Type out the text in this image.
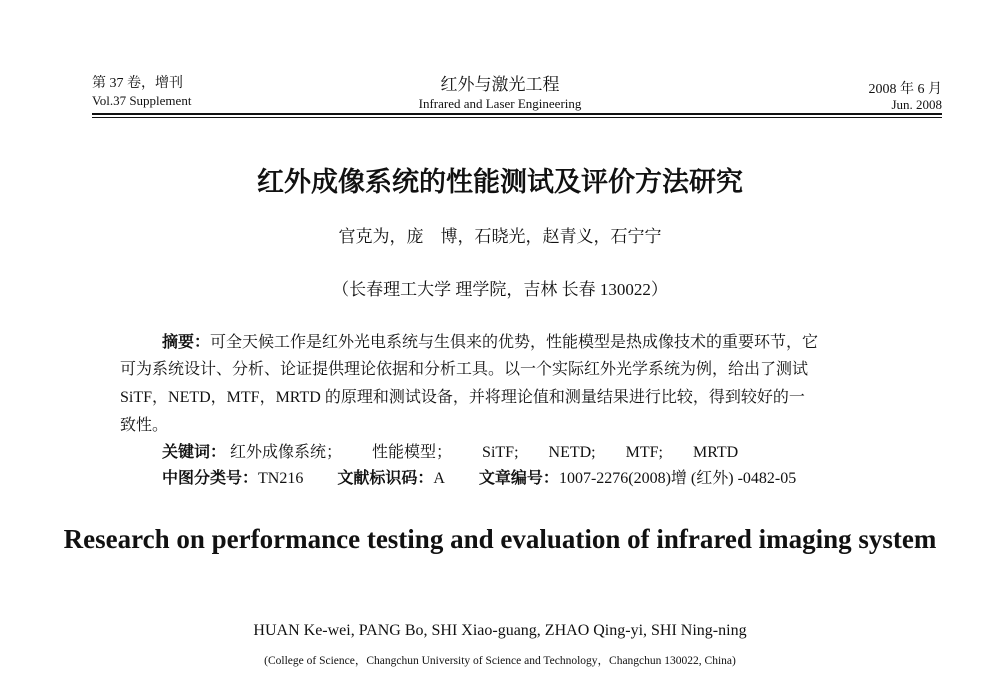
第 37 卷，增刊
Vol.37 Supplement
红外与激光工程
Infrared and Laser Engineering
2008 年 6 月
Jun. 2008
红外成像系统的性能测试及评价方法研究
官克为，庞　博，石晓光，赵青义，石宁宁
（长春理工大学 理学院，吉林 长春 130022）
摘要：可全天候工作是红外光电系统与生俱来的优势，性能模型是热成像技术的重要环节，它
可为系统设计、分析、论证提供理论依据和分析工具。以一个实际红外光学系统为例，给出了测试
SiTF，NETD，MTF，MRTD 的原理和测试设备，并将理论值和测量结果进行比较，得到较好的一
致性。
关键词： 红外成像系统； 性能模型； SiTF; NETD; MTF; MRTD
中图分类号：TN216 文献标识码：A 文章编号：1007-2276(2008)增 (红外) -0482-05
Research on performance testing and evaluation of infrared imaging system
HUAN Ke-wei, PANG Bo, SHI Xiao-guang, ZHAO Qing-yi, SHI Ning-ning
(College of Science，Changchun University of Science and Technology，Changchun 130022, China)
